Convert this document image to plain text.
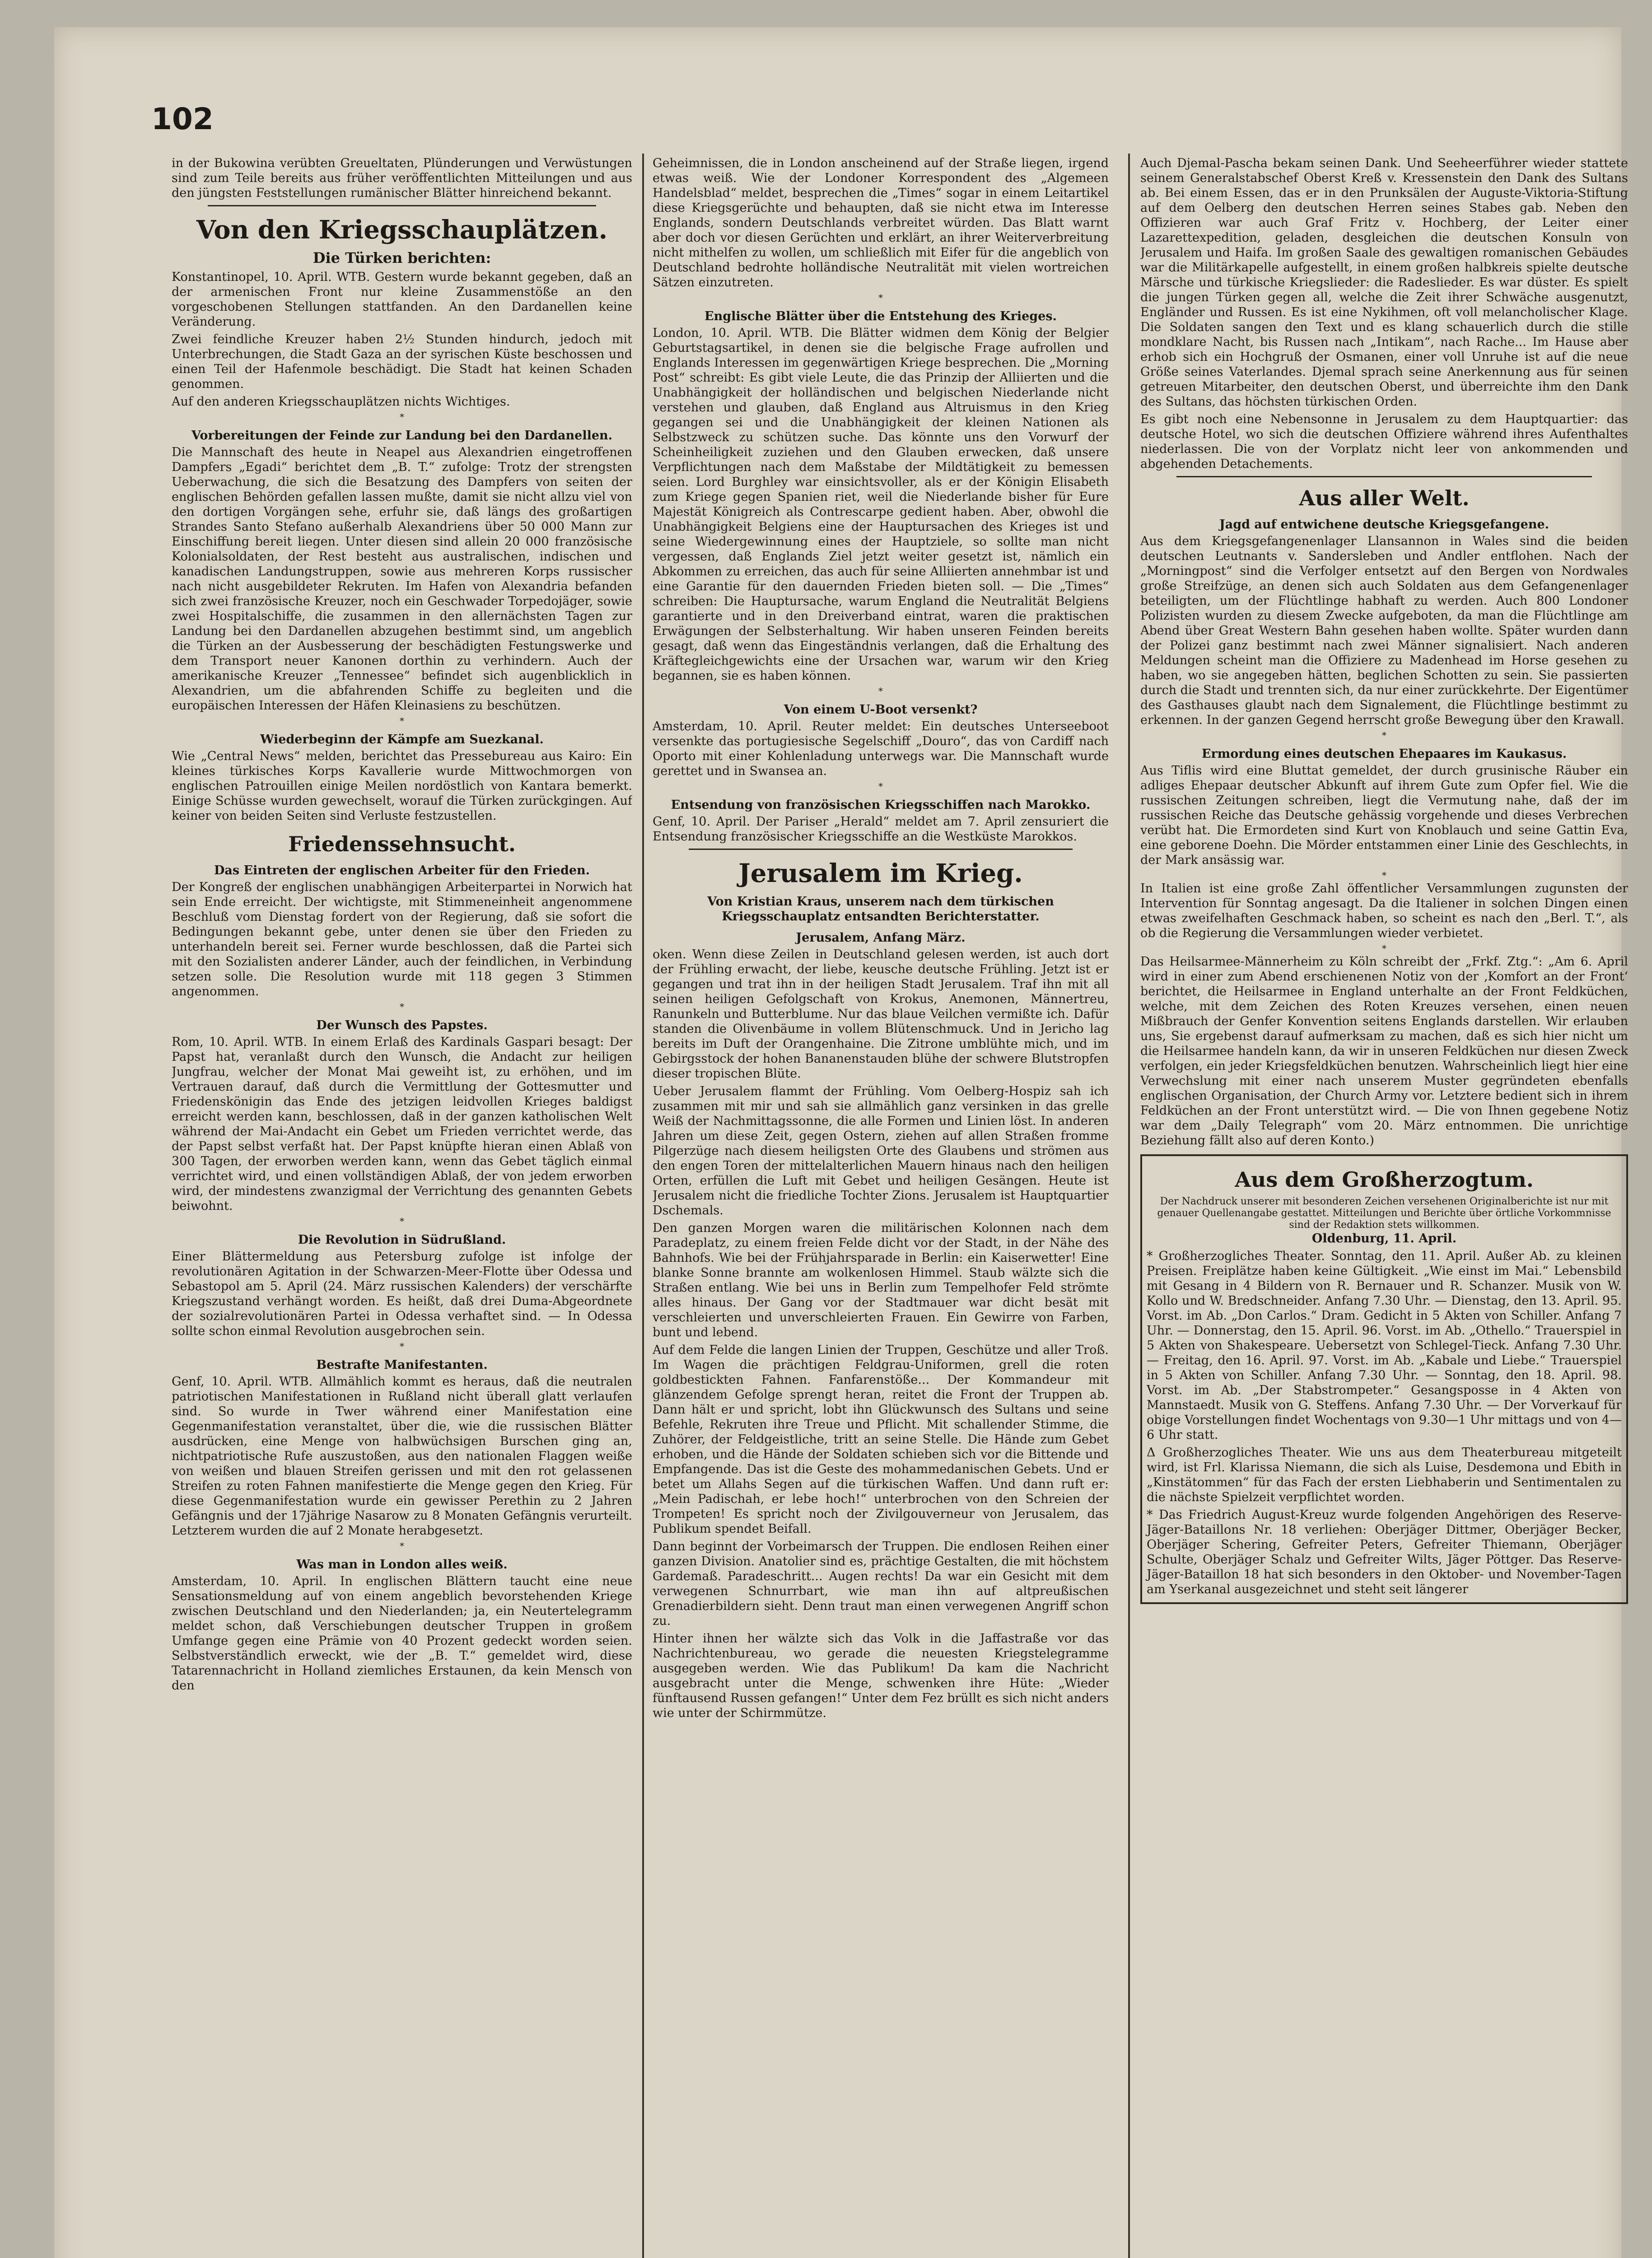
102

in der Bukowina verübten Greueltaten, Plünderungen und Verwüstungen sind zum Teile bereits aus früher veröffentlichten Mitteilungen und aus den jüngsten Feststellungen rumänischer Blätter hinreichend bekannt.

Von den Kriegsschauplätzen.
Die Türken berichten:

Konstantinopel, 10. April. WTB. Gestern wurde bekannt gegeben, daß an der armenischen Front nur kleine Zusammenstöße an den vorgeschobenen Stellungen stattfanden. An den Dardanellen keine Veränderung.

Zwei feindliche Kreuzer haben 2½ Stunden hindurch, jedoch mit Unterbrechungen, die Stadt Gaza an der syrischen Küste beschossen und einen Teil der Hafenmole beschädigt. Die Stadt hat keinen Schaden genommen.

Auf den anderen Kriegsschauplätzen nichts Wichtiges.

*
Vorbereitungen der Feinde zur Landung bei den Dardanellen.

Die Mannschaft des heute in Neapel aus Alexandrien eingetroffenen Dampfers „Egadi“ berichtet dem „B. T.“ zufolge: Trotz der strengsten Ueberwachung, die sich die Besatzung des Dampfers von seiten der englischen Behörden gefallen lassen mußte, damit sie nicht allzu viel von den dortigen Vorgängen sehe, erfuhr sie, daß längs des großartigen Strandes Santo Stefano außerhalb Alexandriens über 50 000 Mann zur Einschiffung bereit liegen. Unter diesen sind allein 20 000 französische Kolonialsoldaten, der Rest besteht aus australischen, indischen und kanadischen Landungstruppen, sowie aus mehreren Korps russischer nach nicht ausgebildeter Rekruten. Im Hafen von Alexandria befanden sich zwei französische Kreuzer, noch ein Geschwader Torpedojäger, sowie zwei Hospitalschiffe, die zusammen in den allernächsten Tagen zur Landung bei den Dardanellen abzugehen bestimmt sind, um angeblich die Türken an der Ausbesserung der beschädigten Festungswerke und dem Transport neuer Kanonen dorthin zu verhindern. Auch der amerikanische Kreuzer „Tennessee“ befindet sich augenblicklich in Alexandrien, um die abfahrenden Schiffe zu begleiten und die europäischen Interessen der Häfen Kleinasiens zu beschützen.

*
Wiederbeginn der Kämpfe am Suezkanal.

Wie „Central News“ melden, berichtet das Pressebureau aus Kairo: Ein kleines türkisches Korps Kavallerie wurde Mittwochmorgen von englischen Patrouillen einige Meilen nordöstlich von Kantara bemerkt. Einige Schüsse wurden gewechselt, worauf die Türken zurückgingen. Auf keiner von beiden Seiten sind Verluste festzustellen.

Friedenssehnsucht.
Das Eintreten der englischen Arbeiter für den Frieden.

Der Kongreß der englischen unabhängigen Arbeiterpartei in Norwich hat sein Ende erreicht. Der wichtigste, mit Stimmeneinheit angenommene Beschluß vom Dienstag fordert von der Regierung, daß sie sofort die Bedingungen bekannt gebe, unter denen sie über den Frieden zu unterhandeln bereit sei. Ferner wurde beschlossen, daß die Partei sich mit den Sozialisten anderer Länder, auch der feindlichen, in Verbindung setzen solle. Die Resolution wurde mit 118 gegen 3 Stimmen angenommen.

*
Der Wunsch des Papstes.

Rom, 10. April. WTB. In einem Erlaß des Kardinals Gaspari besagt: Der Papst hat, veranlaßt durch den Wunsch, die Andacht zur heiligen Jungfrau, welcher der Monat Mai geweiht ist, zu erhöhen, und im Vertrauen darauf, daß durch die Vermittlung der Gottesmutter und Friedenskönigin das Ende des jetzigen leidvollen Krieges baldigst erreicht werden kann, beschlossen, daß in der ganzen katholischen Welt während der Mai-Andacht ein Gebet um Frieden verrichtet werde, das der Papst selbst verfaßt hat. Der Papst knüpfte hieran einen Ablaß von 300 Tagen, der erworben werden kann, wenn das Gebet täglich einmal verrichtet wird, und einen vollständigen Ablaß, der von jedem erworben wird, der mindestens zwanzigmal der Verrichtung des genannten Gebets beiwohnt.

*
Die Revolution in Südrußland.

Einer Blättermeldung aus Petersburg zufolge ist infolge der revolutionären Agitation in der Schwarzen-Meer-Flotte über Odessa und Sebastopol am 5. April (24. März russischen Kalenders) der verschärfte Kriegszustand verhängt worden. Es heißt, daß drei Duma-Abgeordnete der sozialrevolutionären Partei in Odessa verhaftet sind. — In Odessa sollte schon einmal Revolution ausgebrochen sein.

*
Bestrafte Manifestanten.

Genf, 10. April. WTB. Allmählich kommt es heraus, daß die neutralen patriotischen Manifestationen in Rußland nicht überall glatt verlaufen sind. So wurde in Twer während einer Manifestation eine Gegenmanifestation veranstaltet, über die, wie die russischen Blätter ausdrücken, eine Menge von halbwüchsigen Burschen ging an, nichtpatriotische Rufe auszustoßen, aus den nationalen Flaggen weiße von weißen und blauen Streifen gerissen und mit den rot gelassenen Streifen zu roten Fahnen manifestierte die Menge gegen den Krieg. Für diese Gegenmanifestation wurde ein gewisser Perethin zu 2 Jahren Gefängnis und der 17jährige Nasarow zu 8 Monaten Gefängnis verurteilt. Letzterem wurden die auf 2 Monate herabgesetzt.

*
Was man in London alles weiß.

Amsterdam, 10. April. In englischen Blättern taucht eine neue Sensationsmeldung auf von einem angeblich bevorstehenden Kriege zwischen Deutschland und den Niederlanden; ja, ein Neutertelegramm meldet schon, daß Verschiebungen deutscher Truppen in großem Umfange gegen eine Prämie von 40 Prozent gedeckt worden seien. Selbstverständlich erweckt, wie der „B. T.“ gemeldet wird, diese Tatarennachricht in Holland ziemliches Erstaunen, da kein Mensch von den

Geheimnissen, die in London anscheinend auf der Straße liegen, irgend etwas weiß. Wie der Londoner Korrespondent des „Algemeen Handelsblad“ meldet, besprechen die „Times“ sogar in einem Leitartikel diese Kriegsgerüchte und behaupten, daß sie nicht etwa im Interesse Englands, sondern Deutschlands verbreitet würden. Das Blatt warnt aber doch vor diesen Gerüchten und erklärt, an ihrer Weiterverbreitung nicht mithelfen zu wollen, um schließlich mit Eifer für die angeblich von Deutschland bedrohte holländische Neutralität mit vielen wortreichen Sätzen einzutreten.

*
Englische Blätter über die Entstehung des Krieges.

London, 10. April. WTB. Die Blätter widmen dem König der Belgier Geburtstagsartikel, in denen sie die belgische Frage aufrollen und Englands Interessen im gegenwärtigen Kriege besprechen. Die „Morning Post“ schreibt: Es gibt viele Leute, die das Prinzip der Alliierten und die Unabhängigkeit der holländischen und belgischen Niederlande nicht verstehen und glauben, daß England aus Altruismus in den Krieg gegangen sei und die Unabhängigkeit der kleinen Nationen als Selbstzweck zu schützen suche. Das könnte uns den Vorwurf der Scheinheiligkeit zuziehen und den Glauben erwecken, daß unsere Verpflichtungen nach dem Maßstabe der Mildtätigkeit zu bemessen seien. Lord Burghley war einsichtsvoller, als er der Königin Elisabeth zum Kriege gegen Spanien riet, weil die Niederlande bisher für Eure Majestät Königreich als Contrescarpe gedient haben. Aber, obwohl die Unabhängigkeit Belgiens eine der Hauptursachen des Krieges ist und seine Wiedergewinnung eines der Hauptziele, so sollte man nicht vergessen, daß Englands Ziel jetzt weiter gesetzt ist, nämlich ein Abkommen zu erreichen, das auch für seine Alliierten annehmbar ist und eine Garantie für den dauernden Frieden bieten soll. — Die „Times“ schreiben: Die Hauptursache, warum England die Neutralität Belgiens garantierte und in den Dreiverband eintrat, waren die praktischen Erwägungen der Selbsterhaltung. Wir haben unseren Feinden bereits gesagt, daß wenn das Eingeständnis verlangen, daß die Erhaltung des Kräftegleichgewichts eine der Ursachen war, warum wir den Krieg begannen, sie es haben können.

*
Von einem U-Boot versenkt?

Amsterdam, 10. April. Reuter meldet: Ein deutsches Unterseeboot versenkte das portugiesische Segelschiff „Douro“, das von Cardiff nach Oporto mit einer Kohlenladung unterwegs war. Die Mannschaft wurde gerettet und in Swansea an.

*
Entsendung von französischen Kriegsschiffen nach Marokko.

Genf, 10. April. Der Pariser „Herald“ meldet am 7. April zensuriert die Entsendung französischer Kriegsschiffe an die Westküste Marokkos.

Jerusalem im Krieg.
Von Kristian Kraus, unserem nach dem türkischen Kriegsschauplatz entsandten Berichterstatter.
Jerusalem, Anfang März.

oken. Wenn diese Zeilen in Deutschland gelesen werden, ist auch dort der Frühling erwacht, der liebe, keusche deutsche Frühling. Jetzt ist er gegangen und trat ihn in der heiligen Stadt Jerusalem. Traf ihn mit all seinen heiligen Gefolgschaft von Krokus, Anemonen, Männertreu, Ranunkeln und Butterblume. Nur das blaue Veilchen vermißte ich. Dafür standen die Olivenbäume in vollem Blütenschmuck. Und in Jericho lag bereits im Duft der Orangenhaine. Die Zitrone umblühte mich, und im Gebirgsstock der hohen Bananenstauden blühe der schwere Blutstropfen dieser tropischen Blüte.

Ueber Jerusalem flammt der Frühling. Vom Oelberg-Hospiz sah ich zusammen mit mir und sah sie allmählich ganz versinken in das grelle Weiß der Nachmittagssonne, die alle Formen und Linien löst. In anderen Jahren um diese Zeit, gegen Ostern, ziehen auf allen Straßen fromme Pilgerzüge nach diesem heiligsten Orte des Glaubens und strömen aus den engen Toren der mittelalterlichen Mauern hinaus nach den heiligen Orten, erfüllen die Luft mit Gebet und heiligen Gesängen. Heute ist Jerusalem nicht die friedliche Tochter Zions. Jerusalem ist Hauptquartier Dschemals.

Den ganzen Morgen waren die militärischen Kolonnen nach dem Paradeplatz, zu einem freien Felde dicht vor der Stadt, in der Nähe des Bahnhofs. Wie bei der Frühjahrsparade in Berlin: ein Kaiserwetter! Eine blanke Sonne brannte am wolkenlosen Himmel. Staub wälzte sich die Straßen entlang. Wie bei uns in Berlin zum Tempelhofer Feld strömte alles hinaus. Der Gang vor der Stadtmauer war dicht besät mit verschleierten und unverschleierten Frauen. Ein Gewirre von Farben, bunt und lebend.

Auf dem Felde die langen Linien der Truppen, Geschütze und aller Troß. Im Wagen die prächtigen Feldgrau-Uniformen, grell die roten goldbestickten Fahnen. Fanfarenstöße... Der Kommandeur mit glänzendem Gefolge sprengt heran, reitet die Front der Truppen ab. Dann hält er und spricht, lobt ihn Glückwunsch des Sultans und seine Befehle, Rekruten ihre Treue und Pflicht. Mit schallender Stimme, die Zuhörer, der Feldgeistliche, tritt an seine Stelle. Die Hände zum Gebet erhoben, und die Hände der Soldaten schieben sich vor die Bittende und Empfangende. Das ist die Geste des mohammedanischen Gebets. Und er betet um Allahs Segen auf die türkischen Waffen. Und dann ruft er: „Mein Padischah, er lebe hoch!“ unterbrochen von den Schreien der Trompeten! Es spricht noch der Zivilgouverneur von Jerusalem, das Publikum spendet Beifall.

Dann beginnt der Vorbeimarsch der Truppen. Die endlosen Reihen einer ganzen Division. Anatolier sind es, prächtige Gestalten, die mit höchstem Gardemaß. Paradeschritt... Augen rechts! Da war ein Gesicht mit dem verwegenen Schnurrbart, wie man ihn auf altpreußischen Grenadierbildern sieht. Denn traut man einen verwegenen Angriff schon zu.

Hinter ihnen her wälzte sich das Volk in die Jaffastraße vor das Nachrichtenbureau, wo gerade die neuesten Kriegstelegramme ausgegeben werden. Wie das Publikum! Da kam die Nachricht ausgebracht unter die Menge, schwenken ihre Hüte: „Wieder fünftausend Russen gefangen!“ Unter dem Fez brüllt es sich nicht anders wie unter der Schirmmütze.

Auch Djemal-Pascha bekam seinen Dank. Und Seeheerführer wieder stattete seinem Generalstabschef Oberst Kreß v. Kressenstein den Dank des Sultans ab. Bei einem Essen, das er in den Prunksälen der Auguste-Viktoria-Stiftung auf dem Oelberg den deutschen Herren seines Stabes gab. Neben den Offizieren war auch Graf Fritz v. Hochberg, der Leiter einer Lazarettexpedition, geladen, desgleichen die deutschen Konsuln von Jerusalem und Haifa. Im großen Saale des gewaltigen romanischen Gebäudes war die Militärkapelle aufgestellt, in einem großen halbkreis spielte deutsche Märsche und türkische Kriegslieder: die Radeslieder. Es war düster. Es spielt die jungen Türken gegen all, welche die Zeit ihrer Schwäche ausgenutzt, Engländer und Russen. Es ist eine Nykihmen, oft voll melancholischer Klage. Die Soldaten sangen den Text und es klang schauerlich durch die stille mondklare Nacht, bis Russen nach „Intikam“, nach Rache... Im Hause aber erhob sich ein Hochgruß der Osmanen, einer voll Unruhe ist auf die neue Größe seines Vaterlandes. Djemal sprach seine Anerkennung aus für seinen getreuen Mitarbeiter, den deutschen Oberst, und überreichte ihm den Dank des Sultans, das höchsten türkischen Orden.

Es gibt noch eine Nebensonne in Jerusalem zu dem Hauptquartier: das deutsche Hotel, wo sich die deutschen Offiziere während ihres Aufenthaltes niederlassen. Die von der Vorplatz nicht leer von ankommenden und abgehenden Detachements.

Aus aller Welt.
Jagd auf entwichene deutsche Kriegsgefangene.

Aus dem Kriegsgefangenenlager Llansannon in Wales sind die beiden deutschen Leutnants v. Sandersleben und Andler entflohen. Nach der „Morningpost“ sind die Verfolger entsetzt auf den Bergen von Nordwales große Streifzüge, an denen sich auch Soldaten aus dem Gefangenenlager beteiligten, um der Flüchtlinge habhaft zu werden. Auch 800 Londoner Polizisten wurden zu diesem Zwecke aufgeboten, da man die Flüchtlinge am Abend über Great Western Bahn gesehen haben wollte. Später wurden dann der Polizei ganz bestimmt nach zwei Männer signalisiert. Nach anderen Meldungen scheint man die Offiziere zu Madenhead im Horse gesehen zu haben, wo sie angegeben hätten, beglichen Schotten zu sein. Sie passierten durch die Stadt und trennten sich, da nur einer zurückkehrte. Der Eigentümer des Gasthauses glaubt nach dem Signalement, die Flüchtlinge bestimmt zu erkennen. In der ganzen Gegend herrscht große Bewegung über den Krawall.

*
Ermordung eines deutschen Ehepaares im Kaukasus.

Aus Tiflis wird eine Bluttat gemeldet, der durch grusinische Räuber ein adliges Ehepaar deutscher Abkunft auf ihrem Gute zum Opfer fiel. Wie die russischen Zeitungen schreiben, liegt die Vermutung nahe, daß der im russischen Reiche das Deutsche gehässig vorgehende und dieses Verbrechen verübt hat. Die Ermordeten sind Kurt von Knoblauch und seine Gattin Eva, eine geborene Doehn. Die Mörder entstammen einer Linie des Geschlechts, in der Mark ansässig war.

*

In Italien ist eine große Zahl öffentlicher Versammlungen zugunsten der Intervention für Sonntag angesagt. Da die Italiener in solchen Dingen einen etwas zweifelhaften Geschmack haben, so scheint es nach den „Berl. T.“, als ob die Regierung die Versammlungen wieder verbietet.

*

Das Heilsarmee-Männerheim zu Köln schreibt der „Frkf. Ztg.“: „Am 6. April wird in einer zum Abend erschienenen Notiz von der ‚Komfort an der Front‘ berichtet, die Heilsarmee in England unterhalte an der Front Feldküchen, welche, mit dem Zeichen des Roten Kreuzes versehen, einen neuen Mißbrauch der Genfer Konvention seitens Englands darstellen. Wir erlauben uns, Sie ergebenst darauf aufmerksam zu machen, daß es sich hier nicht um die Heilsarmee handeln kann, da wir in unseren Feldküchen nur diesen Zweck verfolgen, ein jeder Kriegsfeldküchen benutzen. Wahrscheinlich liegt hier eine Verwechslung mit einer nach unserem Muster gegründeten ebenfalls englischen Organisation, der Church Army vor. Letztere bedient sich in ihrem Feldküchen an der Front unterstützt wird. — Die von Ihnen gegebene Notiz war dem „Daily Telegraph“ vom 20. März entnommen. Die unrichtige Beziehung fällt also auf deren Konto.)

Aus dem Großherzogtum.
Der Nachdruck unserer mit besonderen Zeichen versehenen Originalberichte ist nur mit genauer Quellenangabe gestattet. Mitteilungen und Berichte über örtliche Vorkommnisse sind der Redaktion stets willkommen.

Oldenburg, 11. April.

* Großherzogliches Theater. Sonntag, den 11. April. Außer Ab. zu kleinen Preisen. Freiplätze haben keine Gültigkeit. „Wie einst im Mai.“ Lebensbild mit Gesang in 4 Bildern von R. Bernauer und R. Schanzer. Musik von W. Kollo und W. Bredschneider. Anfang 7.30 Uhr. — Dienstag, den 13. April. 95. Vorst. im Ab. „Don Carlos.“ Dram. Gedicht in 5 Akten von Schiller. Anfang 7 Uhr. — Donnerstag, den 15. April. 96. Vorst. im Ab. „Othello.“ Trauerspiel in 5 Akten von Shakespeare. Uebersetzt von Schlegel-Tieck. Anfang 7.30 Uhr. — Freitag, den 16. April. 97. Vorst. im Ab. „Kabale und Liebe.“ Trauerspiel in 5 Akten von Schiller. Anfang 7.30 Uhr. — Sonntag, den 18. April. 98. Vorst. im Ab. „Der Stabstrompeter.“ Gesangsposse in 4 Akten von Mannstaedt. Musik von G. Steffens. Anfang 7.30 Uhr. — Der Vorverkauf für obige Vorstellungen findet Wochentags von 9.30—1 Uhr mittags und von 4—6 Uhr statt.

Δ Großherzogliches Theater. Wie uns aus dem Theaterbureau mitgeteilt wird, ist Frl. Klarissa Niemann, die sich als Luise, Desdemona und Ebith in „Kinstätommen“ für das Fach der ersten Liebhaberin und Sentimentalen zu die nächste Spielzeit verpflichtet worden.

* Das Friedrich August-Kreuz wurde folgenden Angehörigen des Reserve-Jäger-Bataillons Nr. 18 verliehen: Oberjäger Dittmer, Oberjäger Becker, Oberjäger Schering, Gefreiter Peters, Gefreiter Thiemann, Oberjäger Schulte, Oberjäger Schalz und Gefreiter Wilts, Jäger Pöttger. Das Reserve-Jäger-Bataillon 18 hat sich besonders in den Oktober- und November-Tagen am Yserkanal ausgezeichnet und steht seit längerer
